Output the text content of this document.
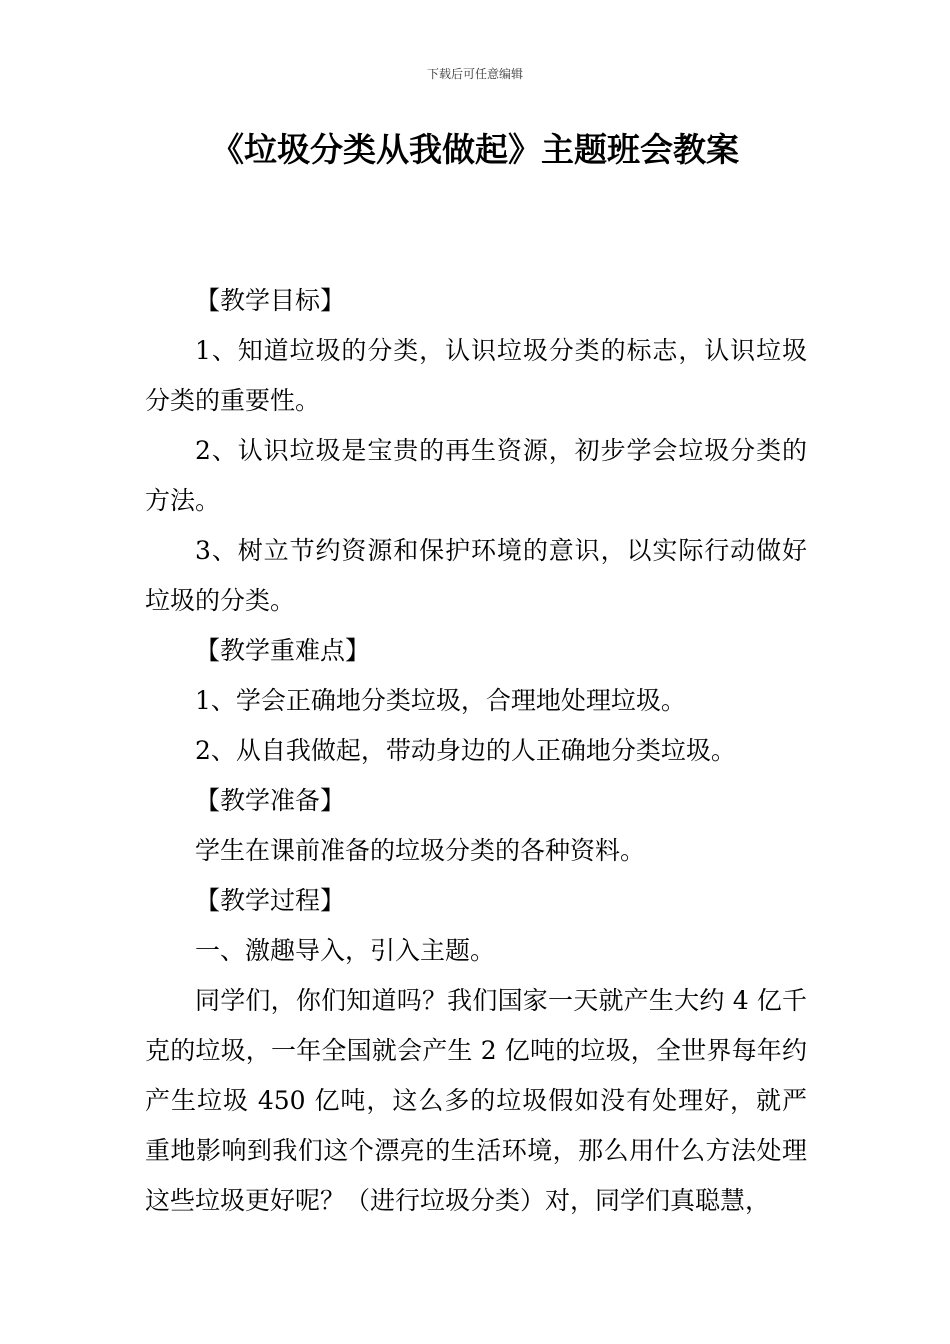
下载后可任意编辑
《垃圾分类从我做起》主题班会教案

【教学目标】

1、知道垃圾的分类，认识垃圾分类的标志，认识垃圾分类的重要性。

2、认识垃圾是宝贵的再生资源，初步学会垃圾分类的方法。

3、树立节约资源和保护环境的意识，以实际行动做好垃圾的分类。

【教学重难点】

1、学会正确地分类垃圾，合理地处理垃圾。

2、从自我做起，带动身边的人正确地分类垃圾。

【教学准备】

学生在课前准备的垃圾分类的各种资料。

【教学过程】

一、激趣导入，引入主题。

同学们，你们知道吗？我们国家一天就产生大约 4 亿千克的垃圾，一年全国就会产生 2 亿吨的垃圾，全世界每年约产生垃圾 450 亿吨，这么多的垃圾假如没有处理好，就严重地影响到我们这个漂亮的生活环境，那么用什么方法处理这些垃圾更好呢？（进行垃圾分类）对，同学们真聪慧，
